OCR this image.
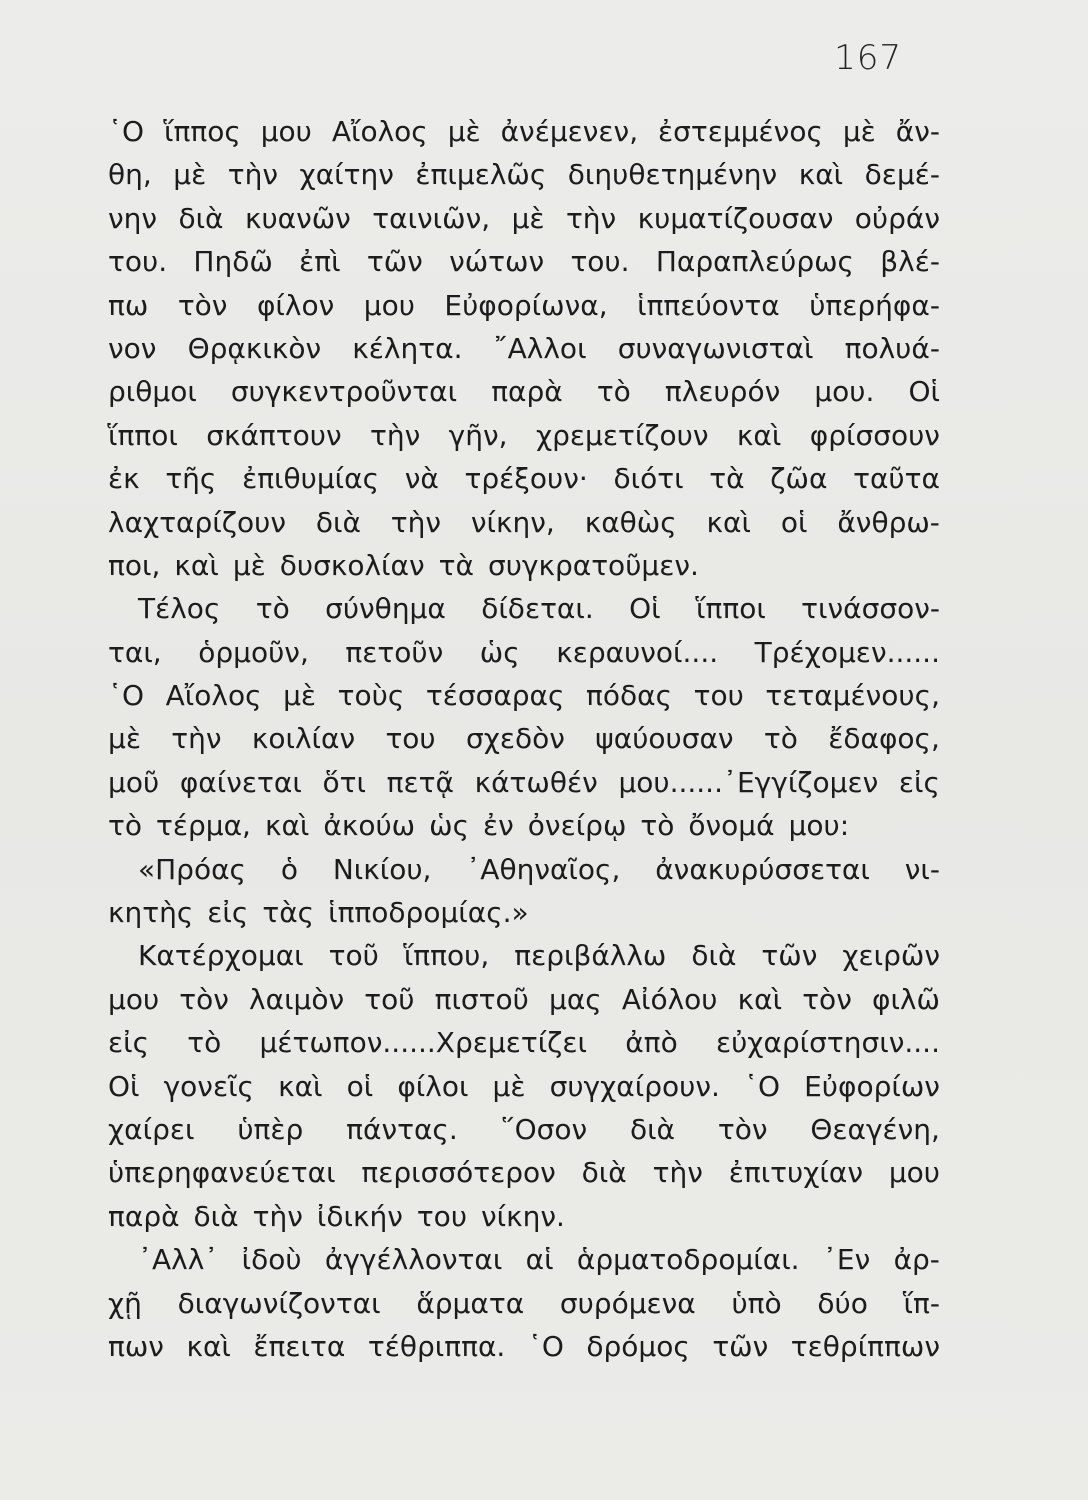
167
῾Ο ἵππος μου Αἴολος μὲ ἀνέμενεν, ἐστεμμένος μὲ ἄν-
θη, μὲ τὴν χαίτην ἐπιμελῶς διηυθετημένην καὶ δεμέ-
νην διὰ κυανῶν ταινιῶν, μὲ τὴν κυματίζουσαν οὐράν
του. Πηδῶ ἐπὶ τῶν νώτων του. Παραπλεύρως βλέ-
πω τὸν φίλον μου Εὐφορίωνα, ἱππεύοντα ὑπερήφα-
νον Θρᾳκικὸν κέλητα. ῎Αλλοι συναγωνισταὶ πολυά-
ριθμοι συγκεντροῦνται παρὰ τὸ πλευρόν μου. Οἱ
ἵπποι σκάπτουν τὴν γῆν, χρεμετίζουν καὶ φρίσσουν
ἐκ τῆς ἐπιθυμίας νὰ τρέξουν· διότι τὰ ζῶα ταῦτα
λαχταρίζουν διὰ τὴν νίκην, καθὼς καὶ οἱ ἄνθρω-
ποι, καὶ μὲ δυσκολίαν τὰ συγκρατοῦμεν.
Τέλος τὸ σύνθημα δίδεται. Οἱ ἵπποι τινάσσον-
ται, ὁρμοῦν, πετοῦν ὡς κεραυνοί.... Τρέχομεν......
῾Ο Αἴολος μὲ τοὺς τέσσαρας πόδας του τεταμένους,
μὲ τὴν κοιλίαν του σχεδὸν ψαύουσαν τὸ ἔδαφος,
μοῦ φαίνεται ὅτι πετᾷ κάτωθέν μου......᾽Εγγίζομεν εἰς
τὸ τέρμα, καὶ ἀκούω ὡς ἐν ὀνείρῳ τὸ ὄνομά μου:
«Πρόας ὁ Νικίου, ᾽Αθηναῖος, ἀνακυρύσσεται νι-
κητὴς εἰς τὰς ἱπποδρομίας.»
Κατέρχομαι τοῦ ἵππου, περιβάλλω διὰ τῶν χειρῶν
μου τὸν λαιμὸν τοῦ πιστοῦ μας Αἰόλου καὶ τὸν φιλῶ
εἰς τὸ μέτωπον......Χρεμετίζει ἀπὸ εὐχαρίστησιν....
Οἱ γονεῖς καὶ οἱ φίλοι μὲ συγχαίρουν. ῾Ο Εὐφορίων
χαίρει ὑπὲρ πάντας. ῞Οσον διὰ τὸν Θεαγένη,
ὑπερηφανεύεται περισσότερον διὰ τὴν ἐπιτυχίαν μου
παρὰ διὰ τὴν ἰδικήν του νίκην.
᾽Αλλ᾽ ἰδοὺ ἀγγέλλονται αἱ ἁρματοδρομίαι. ᾽Εν ἀρ-
χῇ διαγωνίζονται ἅρματα συρόμενα ὑπὸ δύο ἵπ-
πων καὶ ἔπειτα τέθριππα. ῾Ο δρόμος τῶν τεθρίππων
